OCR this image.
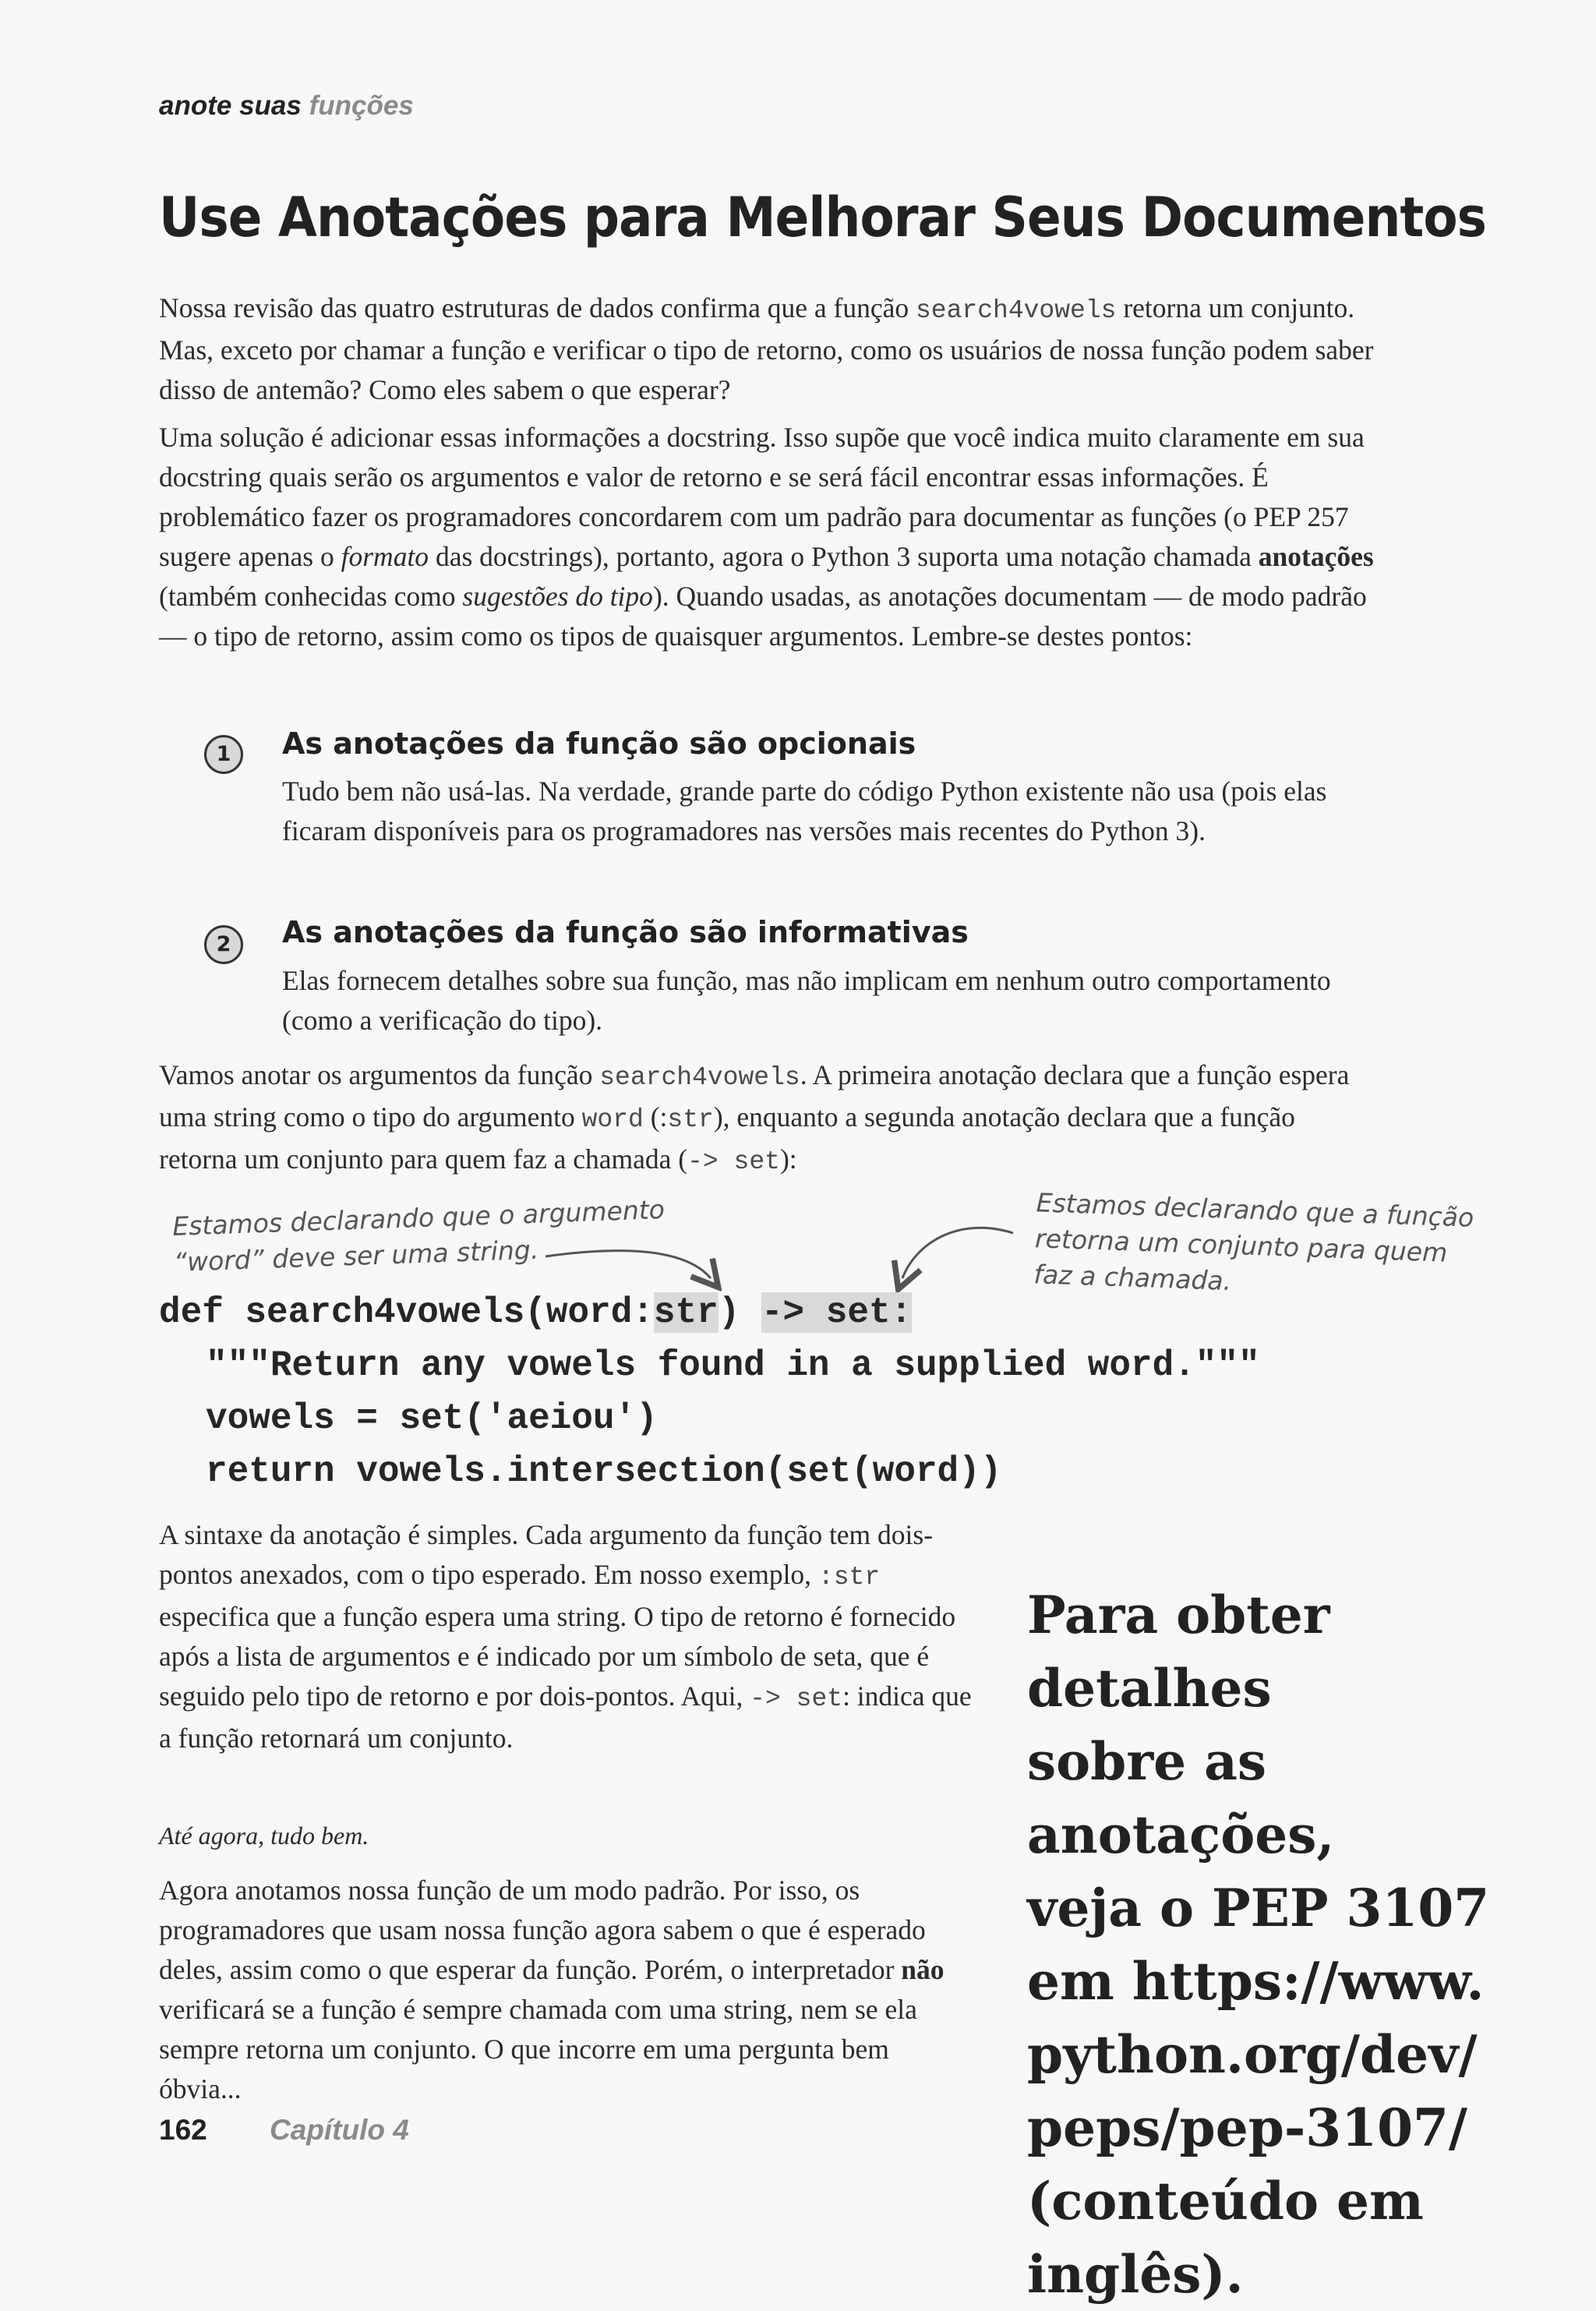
anote suas funções
Use Anotações para Melhorar Seus Documentos

Nossa revisão das quatro estruturas de dados confirma que a função search4vowels retorna um conjunto. Mas, exceto por chamar a função e verificar o tipo de retorno, como os usuários de nossa função podem saber disso de antemão? Como eles sabem o que esperar?

Uma solução é adicionar essas informações a docstring. Isso supõe que você indica muito claramente em sua docstring quais serão os argumentos e valor de retorno e se será fácil encontrar essas informações. É problemático fazer os programadores concordarem com um padrão para documentar as funções (o PEP 257 sugere apenas o formato das docstrings), portanto, agora o Python 3 suporta uma notação chamada anotações (também conhecidas como sugestões do tipo). Quando usadas, as anotações documentam — de modo padrão — o tipo de retorno, assim como os tipos de quaisquer argumentos. Lembre-se destes pontos:

1	As anotações da função são opcionais
Tudo bem não usá-las. Na verdade, grande parte do código Python existente não usa (pois elas ficaram disponíveis para os programadores nas versões mais recentes do Python 3).
2	As anotações da função são informativas
Elas fornecem detalhes sobre sua função, mas não implicam em nenhum outro comportamento (como a verificação do tipo).

Vamos anotar os argumentos da função search4vowels. A primeira anotação declara que a função espera uma string como o tipo do argumento word (:str), enquanto a segunda anotação declara que a função retorna um conjunto para quem faz a chamada (-> set):

Estamos declarando que o argumento
“word” deve ser uma string.
Estamos declarando que a função
retorna um conjunto para quem
faz a chamada.
def search4vowels(word:str) -> set:
"""Return any vowels found in a supplied word."""
vowels = set('aeiou')
return vowels.intersection(set(word))

A sintaxe da anotação é simples. Cada argumento da função tem dois-pontos anexados, com o tipo esperado. Em nosso exemplo, :str especifica que a função espera uma string. O tipo de retorno é fornecido após a lista de argumentos e é indicado por um símbolo de seta, que é seguido pelo tipo de retorno e por dois-pontos. Aqui, -> set: indica que a função retornará um conjunto.

Até agora, tudo bem.

Agora anotamos nossa função de um modo padrão. Por isso, os programadores que usam nossa função agora sabem o que é esperado deles, assim como o que esperar da função. Porém, o interpretador não verificará se a função é sempre chamada com uma string, nem se ela sempre retorna um conjunto. O que incorre em uma pergunta bem óbvia...

Para obter detalhes
sobre as anotações,
veja o PEP 3107
em https://www.
python.org/dev/
peps/pep-3107/
(conteúdo em inglês).
162 Capítulo 4
